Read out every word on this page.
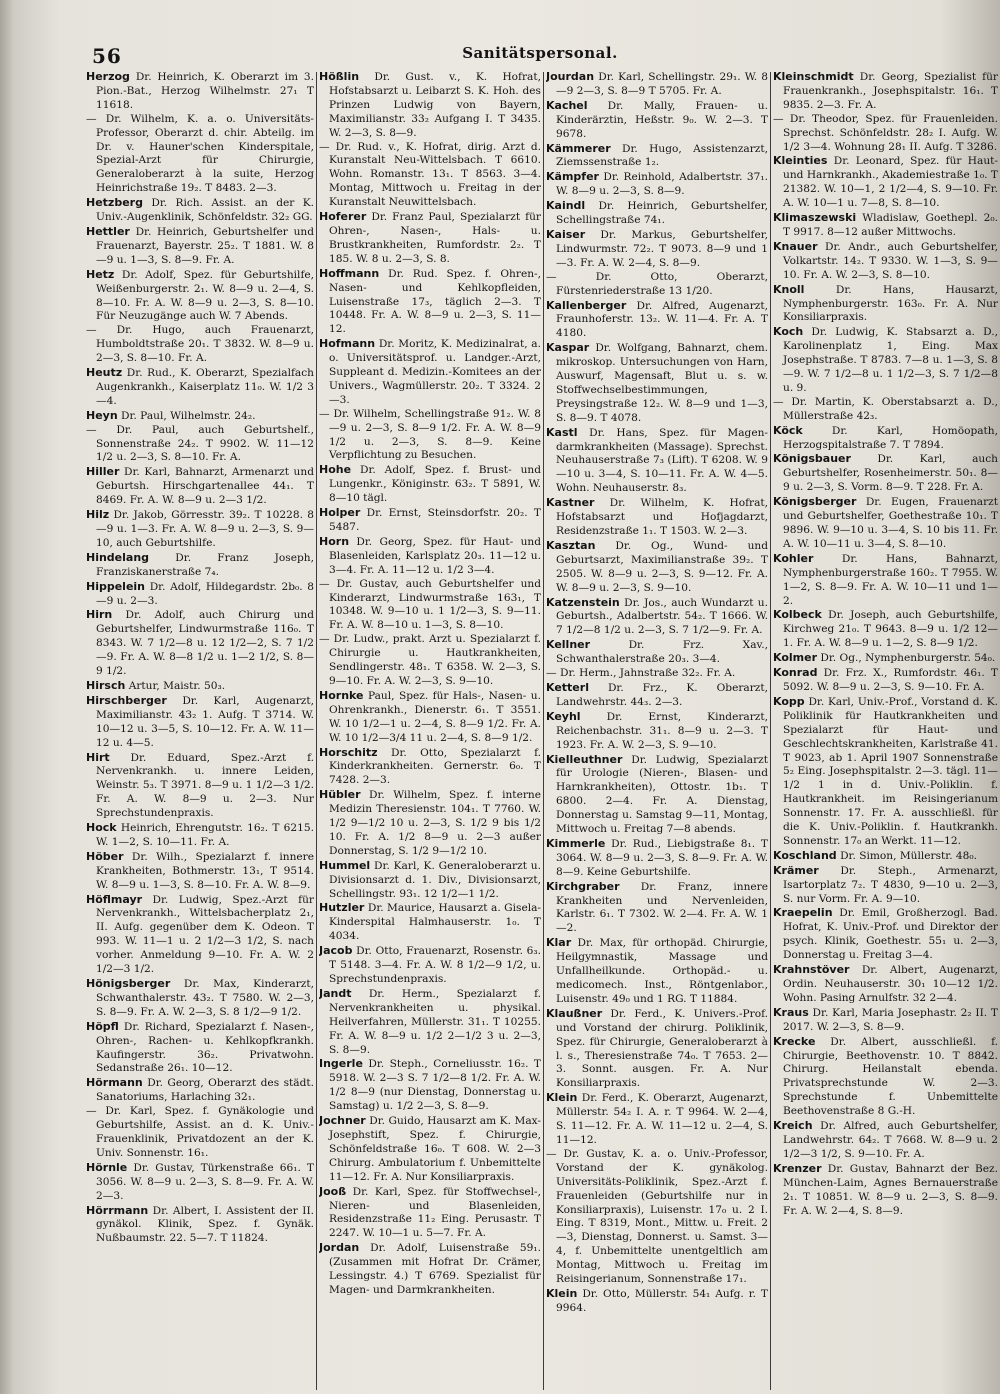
56	Sanitätspersonal.
Herzog Dr. Heinrich, K. Oberarzt im 3. Pion.-Bat., Herzog Wilhelmstr. 27₁ T 11618.
— Dr. Wilhelm, K. a. o. Universitäts-Professor, Oberarzt d. chir. Abteilg. im Dr. v. Hauner'schen Kinderspitale, Spezial-Arzt für Chirurgie, Generaloberarzt à la suite, Herzog Heinrichstraße 19₂. T 8483. 2—3.
Hetzberg Dr. Rich. Assist. an der K. Univ.-Augenklinik, Schönfeldstr. 32₂ GG.
Hettler Dr. Heinrich, Geburtshelfer und Frauenarzt, Bayerstr. 25₂. T 1881. W. 8—9 u. 1—3, S. 8—9. Fr. A.
Hetz Dr. Adolf, Spez. für Geburtshilfe, Weißenburgerstr. 2₁. W. 8—9 u. 2—4, S. 8—10. Fr. A. W. 8—9 u. 2—3, S. 8—10. Für Neuzugänge auch W. 7 Abends.
— Dr. Hugo, auch Frauenarzt, Humboldtstraße 20₁. T 3832. W. 8—9 u. 2—3, S. 8—10. Fr. A.
Heutz Dr. Rud., K. Oberarzt, Spezialfach Augenkrankh., Kaiserplatz 11₀. W. 1/2 3—4.
Heyn Dr. Paul, Wilhelmstr. 24₂.
— Dr. Paul, auch Geburtshelf., Sonnenstraße 24₂. T 9902. W. 11—12 1/2 u. 2—3, S. 8—10. Fr. A.
Hiller Dr. Karl, Bahnarzt, Armenarzt und Geburtsh. Hirschgartenallee 44₁. T 8469. Fr. A. W. 8—9 u. 2—3 1/2.
Hilz Dr. Jakob, Görresstr. 39₂. T 10228. 8—9 u. 1—3. Fr. A. W. 8—9 u. 2—3, S. 9—10, auch Geburtshilfe.
Hindelang Dr. Franz Joseph, Franziskanerstraße 7₄.
Hippelein Dr. Adolf, Hildegardstr. 2b₀. 8—9 u. 2—3.
Hirn Dr. Adolf, auch Chirurg und Geburtshelfer, Lindwurmstraße 116₀. T 8343. W. 7 1/2—8 u. 12 1/2—2, S. 7 1/2—9. Fr. A. W. 8—8 1/2 u. 1—2 1/2, S. 8—9 1/2.
Hirsch Artur, Maistr. 50₃.
Hirschberger Dr. Karl, Augenarzt, Maximilianstr. 43₂ 1. Aufg. T 3714. W. 10—12 u. 3—5, S. 10—12. Fr. A. W. 11—12 u. 4—5.
Hirt Dr. Eduard, Spez.-Arzt f. Nervenkrankh. u. innere Leiden, Weinstr. 5₃. T 3971. 8—9 u. 1 1/2—3 1/2. Fr. A. W. 8—9 u. 2—3. Nur Sprechstundenpraxis.
Hock Heinrich, Ehrengutstr. 16₂. T 6215. W. 1—2, S. 10—11. Fr. A.
Höber Dr. Wilh., Spezialarzt f. innere Krankheiten, Bothmerstr. 13₁, T 9514. W. 8—9 u. 1—3, S. 8—10. Fr. A. W. 8—9.
Höflmayr Dr. Ludwig, Spez.-Arzt für Nervenkrankh., Wittelsbacherplatz 2₁, II. Aufg. gegenüber dem K. Odeon. T 993. W. 11—1 u. 2 1/2—3 1/2, S. nach vorher. Anmeldung 9—10. Fr. A. W. 2 1/2—3 1/2.
Hönigsberger Dr. Max, Kinderarzt, Schwanthalerstr. 43₂. T 7580. W. 2—3, S. 8—9. Fr. A. W. 2—3, S. 8 1/2—9 1/2.
Höpfl Dr. Richard, Spezialarzt f. Nasen-, Ohren-, Rachen- u. Kehlkopfkrankh. Kaufingerstr. 36₂. Privatwohn. Sedanstraße 26₁. 10—12.
Hörmann Dr. Georg, Oberarzt des städt. Sanatoriums, Harlaching 32₁.
— Dr. Karl, Spez. f. Gynäkologie und Geburtshilfe, Assist. an d. K. Univ.-Frauenklinik, Privatdozent an der K. Univ. Sonnenstr. 16₁.
Hörnle Dr. Gustav, Türkenstraße 66₁. T 3056. W. 8—9 u. 2—3, S. 8—9. Fr. A. W. 2—3.
Hörrmann Dr. Albert, I. Assistent der II. gynäkol. Klinik, Spez. f. Gynäk. Nußbaumstr. 22. 5—7. T 11824.
Hößlin Dr. Gust. v., K. Hofrat, Hofstabsarzt u. Leibarzt S. K. Hoh. des Prinzen Ludwig von Bayern, Maximilianstr. 33₂ Aufgang I. T 3435. W. 2—3, S. 8—9.
— Dr. Rud. v., K. Hofrat, dirig. Arzt d. Kuranstalt Neu-Wittelsbach. T 6610. Wohn. Romanstr. 13₁. T 8563. 3—4. Montag, Mittwoch u. Freitag in der Kuranstalt Neuwittelsbach.
Hoferer Dr. Franz Paul, Spezialarzt für Ohren-, Nasen-, Hals- u. Brustkrankheiten, Rumfordstr. 2₂. T 185. W. 8 u. 2—3, S. 8.
Hoffmann Dr. Rud. Spez. f. Ohren-, Nasen- und Kehlkopfleiden, Luisenstraße 17₃, täglich 2—3. T 10448. Fr. A. W. 8—9 u. 2—3, S. 11—12.
Hofmann Dr. Moritz, K. Medizinalrat, a. o. Universitätsprof. u. Landger.-Arzt, Suppleant d. Medizin.-Komitees an der Univers., Wagmüllerstr. 20₂. T 3324. 2—3.
— Dr. Wilhelm, Schellingstraße 91₂. W. 8—9 u. 2—3, S. 8—9 1/2. Fr. A. W. 8—9 1/2 u. 2—3, S. 8—9. Keine Verpflichtung zu Besuchen.
Hohe Dr. Adolf, Spez. f. Brust- und Lungenkr., Königinstr. 63₂. T 5891, W. 8—10 tägl.
Holper Dr. Ernst, Steinsdorfstr. 20₂. T 5487.
Horn Dr. Georg, Spez. für Haut- und Blasenleiden, Karlsplatz 20₃. 11—12 u. 3—4. Fr. A. 11—12 u. 1/2 3—4.
— Dr. Gustav, auch Geburtshelfer und Kinderarzt, Lindwurmstraße 163₁, T 10348. W. 9—10 u. 1 1/2—3, S. 9—11. Fr. A. W. 8—10 u. 1—3, S. 8—10.
— Dr. Ludw., prakt. Arzt u. Spezialarzt f. Chirurgie u. Hautkrankheiten, Sendlingerstr. 48₁. T 6358. W. 2—3, S. 9—10. Fr. A. W. 2—3, S. 9—10.
Hornke Paul, Spez. für Hals-, Nasen- u. Ohrenkrankh., Dienerstr. 6₁. T 3551. W. 10 1/2—1 u. 2—4, S. 8—9 1/2. Fr. A. W. 10 1/2—3/4 11 u. 2—4, S. 8—9 1/2.
Horschitz Dr. Otto, Spezialarzt f. Kinderkrankheiten. Gernerstr. 6₀. T 7428. 2—3.
Hübler Dr. Wilhelm, Spez. f. interne Medizin Theresienstr. 104₁. T 7760. W. 1/2 9—1/2 10 u. 2—3, S. 1/2 9 bis 1/2 10. Fr. A. 1/2 8—9 u. 2—3 außer Donnerstag, S. 1/2 9—1/2 10.
Hummel Dr. Karl, K. Generaloberarzt u. Divisionsarzt d. 1. Div., Divisionsarzt, Schellingstr. 93₁. 12 1/2—1 1/2.
Hutzler Dr. Maurice, Hausarzt a. Gisela-Kinderspital Halmhauserstr. 1₀. T 4034.
Jacob Dr. Otto, Frauenarzt, Rosenstr. 6₃. T 5148. 3—4. Fr. A. W. 8 1/2—9 1/2, u. Sprechstundenpraxis.
Jandt Dr. Herm., Spezialarzt f. Nervenkrankheiten u. physikal. Heilverfahren, Müllerstr. 31₁. T 10255. Fr. A. W. 8—9 u. 1/2 2—1/2 3 u. 2—3, S. 8—9.
Ingerle Dr. Steph., Corneliusstr. 16₂. T 5918. W. 2—3 S. 7 1/2—8 1/2. Fr. A. W. 1/2 8—9 (nur Dienstag, Donnerstag u. Samstag) u. 1/2 2—3, S. 8—9.
Jochner Dr. Guido, Hausarzt am K. Max-Josephstift, Spez. f. Chirurgie, Schönfeldstraße 16₀. T 608. W. 2—3 Chirurg. Ambulatorium f. Unbemittelte 11—12. Fr. A. Nur Konsiliarpraxis.
Jooß Dr. Karl, Spez. für Stoffwechsel-, Nieren- und Blasenleiden, Residenzstraße 11₂ Eing. Perusastr. T 2247. W. 10—1 u. 5—7. Fr. A.
Jordan Dr. Adolf, Luisenstraße 59₁. (Zusammen mit Hofrat Dr. Crämer, Lessingstr. 4.) T 6769. Spezialist für Magen- und Darmkrankheiten.
Jourdan Dr. Karl, Schellingstr. 29₁. W. 8—9 2—3, S. 8—9 T 5705. Fr. A.
Kachel Dr. Mally, Frauen- u. Kinderärztin, Heßstr. 9₀. W. 2—3. T 9678.
Kämmerer Dr. Hugo, Assistenzarzt, Ziemssenstraße 1₂.
Kämpfer Dr. Reinhold, Adalbertstr. 37₁. W. 8—9 u. 2—3, S. 8—9.
Kaindl Dr. Heinrich, Geburtshelfer, Schellingstraße 74₁.
Kaiser Dr. Markus, Geburtshelfer, Lindwurmstr. 72₂. T 9073. 8—9 und 1—3. Fr. A. W. 2—4, S. 8—9.
— Dr. Otto, Oberarzt, Fürstenriederstraße 13 1/20.
Kallenberger Dr. Alfred, Augenarzt, Fraunhoferstr. 13₂. W. 11—4. Fr. A. T 4180.
Kaspar Dr. Wolfgang, Bahnarzt, chem. mikroskop. Untersuchungen von Harn, Auswurf, Magensaft, Blut u. s. w. Stoffwechselbestimmungen, Preysingstraße 12₂. W. 8—9 und 1—3, S. 8—9. T 4078.
Kastl Dr. Hans, Spez. für Magen-darmkrankheiten (Massage). Sprechst. Neuhauserstraße 7₃ (Lift). T 6208. W. 9—10 u. 3—4, S. 10—11. Fr. A. W. 4—5. Wohn. Neuhauserstr. 8₃.
Kastner Dr. Wilhelm, K. Hofrat, Hofstabsarzt und Hofjagdarzt, Residenzstraße 1₁. T 1503. W. 2—3.
Kasztan Dr. Og., Wund- und Geburtsarzt, Maximilianstraße 39₂. T 2505. W. 8—9 u. 2—3, S. 9—12. Fr. A. W. 8—9 u. 2—3, S. 9—10.
Katzenstein Dr. Jos., auch Wundarzt u. Geburtsh., Adalbertstr. 54₂. T 1666. W. 7 1/2—8 1/2 u. 2—3, S. 7 1/2—9. Fr. A.
Kellner	Dr. Frz. Xav., Schwanthalerstraße 20₃. 3—4.
— Dr. Herm., Jahnstraße 32₂. Fr. A.
Ketterl Dr. Frz., K. Oberarzt, Landwehrstr. 44₃. 2—3.
Keyhl Dr. Ernst, Kinderarzt, Reichenbachstr. 31₁. 8—9 u. 2—3. T 1923. Fr. A. W. 2—3, S. 9—10.
Kielleuthner Dr. Ludwig, Spezialarzt für Urologie (Nieren-, Blasen- und Harnkrankheiten), Ottostr. 1b₁. T 6800. 2—4. Fr. A. Dienstag, Donnerstag u. Samstag 9—11, Montag, Mittwoch u. Freitag 7—8 abends.
Kimmerle Dr. Rud., Liebigstraße 8₁. T 3064. W. 8—9 u. 2—3, S. 8—9. Fr. A. W. 8—9. Keine Geburtshilfe.
Kirchgraber Dr. Franz, innere Krankheiten und Nervenleiden, Karlstr. 6₁. T 7302. W. 2—4. Fr. A. W. 1—2.
Klar Dr. Max, für orthopäd. Chirurgie, Heilgymnastik, Massage und Unfallheilkunde. Orthopäd.- u. medicomech. Inst., Röntgenlabor., Luisenstr. 49₀ und 1 RG. T 11884.
Klaußner Dr. Ferd., K. Univers.-Prof. und Vorstand der chirurg. Poliklinik, Spez. für Chirurgie, Generaloberarzt à l. s., Theresienstraße 74₀. T 7653. 2—3. Sonnt. ausgen. Fr. A. Nur Konsiliarpraxis.
Klein Dr. Ferd., K. Oberarzt, Augenarzt, Müllerstr. 54₂ I. A. r. T 9964. W. 2—4, S. 11—12. Fr. A. W. 11—12 u. 2—4, S. 11—12.
— Dr. Gustav, K. a. o. Univ.-Professor, Vorstand der K. gynäkolog. Universitäts-Poliklinik, Spez.-Arzt f. Frauenleiden (Geburtshilfe nur in Konsiliarpraxis), Luisenstr. 17₀ u. 2 I. Eing. T 8319, Mont., Mittw. u. Freit. 2—3, Dienstag, Donnerst. u. Samst. 3—4, f. Unbemittelte unentgeltlich am Montag, Mittwoch u. Freitag im Reisingerianum, Sonnenstraße 17₁.
Klein Dr. Otto, Müllerstr. 54₁ Aufg. r. T 9964.
Kleinschmidt Dr. Georg, Spezialist für Frauenkrankh., Josephspitalstr. 16₁. T 9835. 2—3. Fr. A.
— Dr. Theodor, Spez. für Frauenleiden. Sprechst. Schönfeldstr. 28₂ I. Aufg. W. 1/2 3—4. Wohnung 28₁ II. Aufg. T 3286.
Kleinties Dr. Leonard, Spez. für Haut- und Harnkrankh., Akademiestraße 1₀. T 21382. W. 10—1, 2 1/2—4, S. 9—10. Fr. A. W. 10—1 u. 7—8, S. 8—10.
Klimaszewski Wladislaw, Goethepl. 2₀. T 9917. 8—12 außer Mittwochs.
Knauer Dr. Andr., auch Geburtshelfer, Volkartstr. 14₂. T 9330. W. 1—3, S. 9—10. Fr. A. W. 2—3, S. 8—10.
Knoll	Dr. Hans, Hausarzt, Nymphenburgerstr. 163₀. Fr. A. Nur Konsiliarpraxis.
Koch Dr. Ludwig, K. Stabsarzt a. D., Karolinenplatz 1, Eing. Max Josephstraße. T 8783. 7—8 u. 1—3, S. 8—9. W. 7 1/2—8 u. 1 1/2—3, S. 7 1/2—8 u. 9.
— Dr. Martin, K. Oberstabsarzt a. D., Müllerstraße 42₃.
Köck	Dr. Karl, Homöopath, Herzogspitalstraße 7. T 7894.
Königsbauer Dr. Karl, auch Geburtshelfer, Rosenheimerstr. 50₁. 8—9 u. 2—3, S. Vorm. 8—9. T 228. Fr. A.
Königsberger Dr. Eugen, Frauenarzt und Geburtshelfer, Goethestraße 10₁. T 9896. W. 9—10 u. 3—4, S. 10 bis 11. Fr. A. W. 10—11 u. 3—4, S. 8—10.
Kohler	Dr. Hans, Bahnarzt, Nymphenburgerstraße 160₂. T 7955. W. 1—2, S. 8—9. Fr. A. W. 10—11 und 1—2.
Kolbeck Dr. Joseph, auch Geburtshilfe, Kirchweg 21₀. T 9643. 8—9 u. 1/2 12—1. Fr. A. W. 8—9 u. 1—2, S. 8—9 1/2.
Kolmer Dr. Og., Nymphenburgerstr. 54₀.
Konrad Dr. Frz. X., Rumfordstr. 46₁. T 5092. W. 8—9 u. 2—3, S. 9—10. Fr. A.
Kopp Dr. Karl, Univ.-Prof., Vorstand d. K. Poliklinik für Hautkrankheiten und Spezialarzt für Haut- und Geschlechtskrankheiten, Karlstraße 41. T 9023, ab 1. April 1907 Sonnenstraße 5₂ Eing. Josephspitalstr. 2—3. tägl. 11—1/2 1 in d. Univ.-Poliklin. f. Hautkrankheit. im Reisingerianum Sonnenstr. 17. Fr. A. ausschließl. für die K. Univ.-Poliklin. f. Hautkrankh. Sonnenstr. 17₀ an Werkt. 11—12.
Koschland Dr. Simon, Müllerstr. 48₀.
Krämer Dr. Steph., Armenarzt, Isartorplatz 7₂. T 4830, 9—10 u. 2—3, S. nur Vorm. Fr. A. 9—10.
Kraepelin Dr. Emil, Großherzogl. Bad. Hofrat, K. Univ.-Prof. und Direktor der psych. Klinik, Goethestr. 55₁ u. 2—3, Donnerstag u. Freitag 3—4.
Krahnstöver Dr. Albert, Augenarzt, Ordin. Neuhauserstr. 30₁ 10—12 1/2. Wohn. Pasing Arnulfstr. 32 2—4.
Kraus Dr. Karl, Maria Josephastr. 2₂ II. T 2017. W. 2—3, S. 8—9.
Krecke Dr. Albert, ausschließl. f. Chirurgie, Beethovenstr. 10. T 8842. Chirurg. Heilanstalt ebenda. Privatsprechstunde W. 2—3. Sprechstunde f. Unbemittelte Beethovenstraße 8 G.-H.
Kreich Dr. Alfred, auch Geburtshelfer, Landwehrstr. 64₂. T 7668. W. 8—9 u. 2 1/2—3 1/2, S. 9—10. Fr. A.
Krenzer Dr. Gustav, Bahnarzt der Bez. München-Laim, Agnes Bernauerstraße 2₁. T 10851. W. 8—9 u. 2—3, S. 8—9. Fr. A. W. 2—4, S. 8—9.
